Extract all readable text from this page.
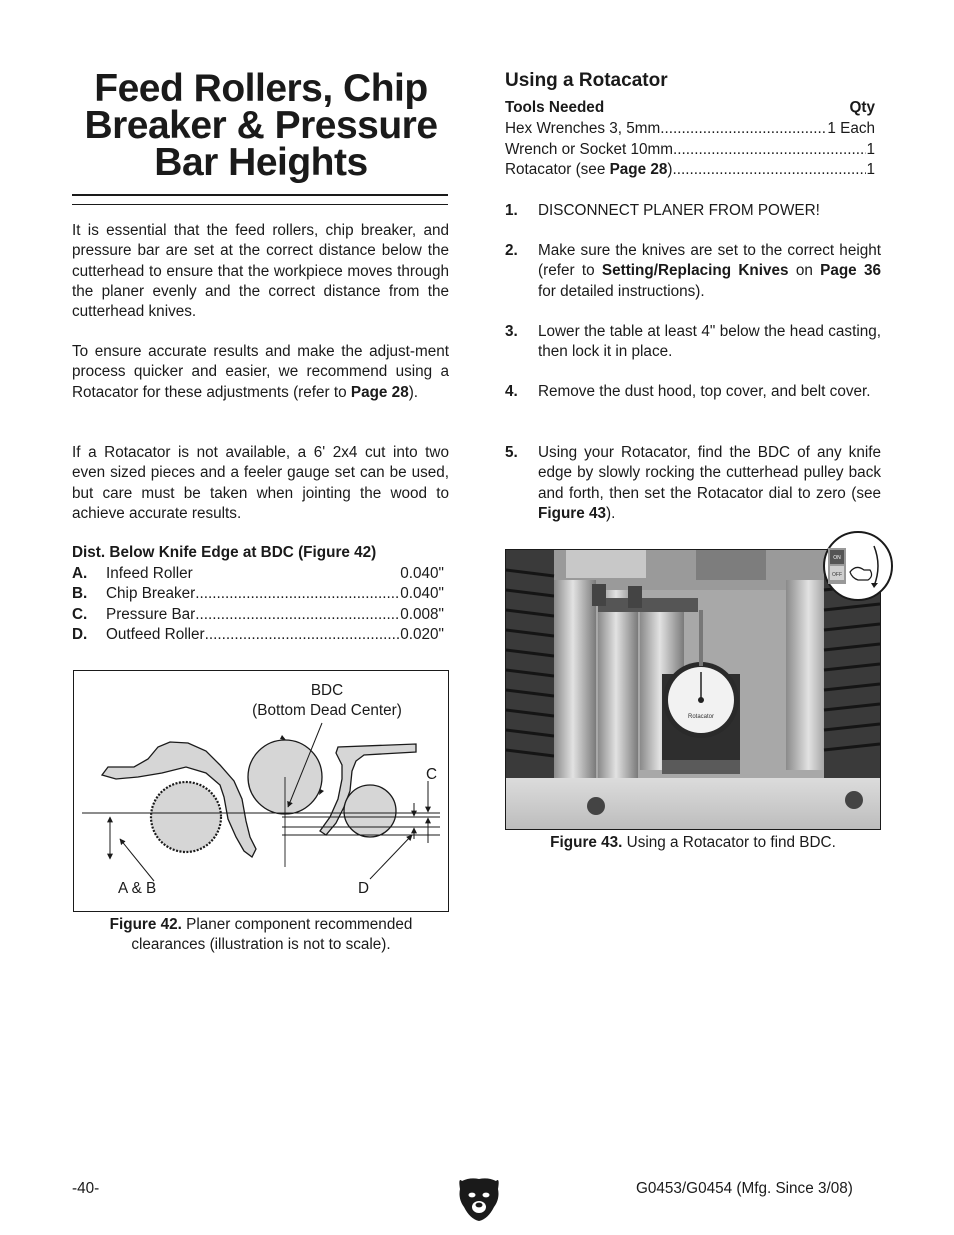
Feed Rollers, Chip
Breaker & Pressure
Bar Heights

It is essential that the feed rollers, chip breaker, and pressure bar are set at the correct distance below the cutterhead to ensure that the workpiece moves through the planer evenly and the correct distance from the cutterhead knives.

To ensure accurate results and make the adjust-ment process quicker and easier, we recommend using a Rotacator for these adjustments (refer to Page 28).

If a Rotacator is not available, a 6' 2x4 cut into two even sized pieces and a feeler gauge set can be used, but care must be taken when jointing the wood to achieve accurate results.

Dist. Below Knife Edge at BDC (Figure 42)
A.	Infeed Roller	0.040"
B.	Chip Breaker .....	0.040"
C.	Pressure Bar .....	0.008"
D.	Outfeed Roller .....	0.020"
BDC
(Bottom Dead Center)
C
A & B	D
Figure 42. Planer component recommended
clearances (illustration is not to scale).
Using a Rotacator
Tools Needed	Qty
Hex Wrenches 3, 5mm .....	1 Each
Wrench or Socket 10mm .....	1
Rotacator (see Page 28) .....	1
1. DISCONNECT PLANER FROM POWER!
2. Make sure the knives are set to the correct height (refer to Setting/Replacing Knives on Page 36 for detailed instructions).
3. Lower the table at least 4" below the head casting, then lock it in place.
4. Remove the dust hood, top cover, and belt cover.
5. Using your Rotacator, find the BDC of any knife edge by slowly rocking the cutterhead pulley back and forth, then set the Rotacator dial to zero (see Figure 43).
Rotacator
ON
OFF
Figure 43. Using a Rotacator to find BDC.
-40-	G0453/G0454 (Mfg. Since 3/08)
